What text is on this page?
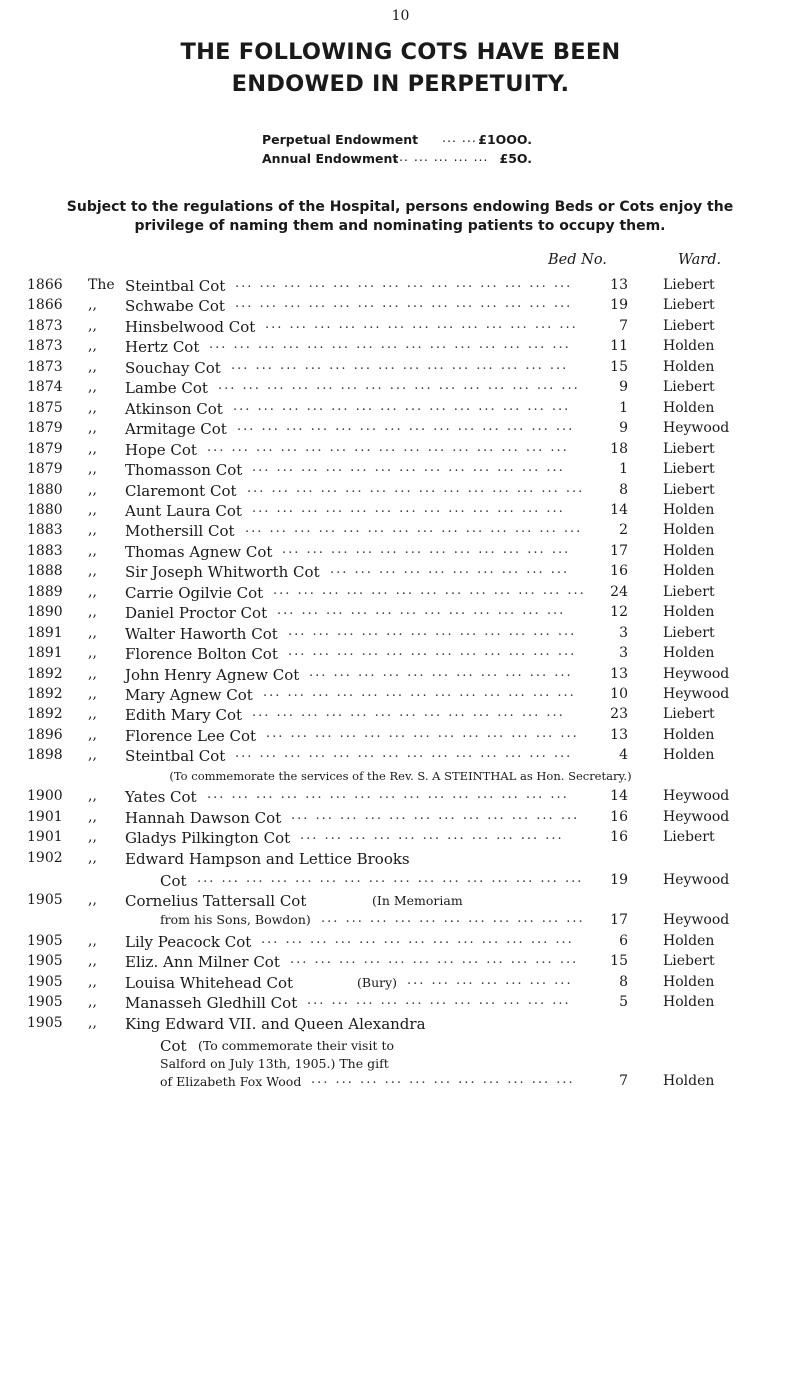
10
THE FOLLOWING COTS HAVE BEEN
ENDOWED IN PERPETUITY.
Perpetual Endowment ... ... £1OOO.
Annual Endowment
... ... ... ... ... £5O.
Subject to the regulations of the Hospital, persons endowing Beds or Cots enjoy the privilege of naming them and nominating patients to occupy them.
Bed No.	Ward.
1866 The Steintbal Cot	13	Liebert
... ... ... ... ... ... ... ... ... ... ... ... ... ...
1866 ,, Schwabe Cot	19	Liebert
... ... ... ... ... ... ... ... ... ... ... ... ... ...
1873 ,, Hinsbelwood Cot	7	Liebert
... ... ... ... ... ... ... ... ... ... ... ... ...
1873 ,, Hertz Cot	11	Holden
... ... ... ... ... ... ... ... ... ... ... ... ... ... ...
1873 ,, Souchay Cot	15	Holden
... ... ... ... ... ... ... ... ... ... ... ... ... ...
1874 ,, Lambe Cot	9	Liebert
... ... ... ... ... ... ... ... ... ... ... ... ... ... ...
1875 ,, Atkinson Cot	1	Holden
... ... ... ... ... ... ... ... ... ... ... ... ... ...
1879 ,, Armitage Cot	9	Heywood
... ... ... ... ... ... ... ... ... ... ... ... ... ...
1879 ,, Hope Cot	18	Liebert
... ... ... ... ... ... ... ... ... ... ... ... ... ... ...
1879 ,, Thomasson Cot	1	Liebert
... ... ... ... ... ... ... ... ... ... ... ... ...
1880 ,, Claremont Cot	8	Liebert
... ... ... ... ... ... ... ... ... ... ... ... ... ...
1880 ,, Aunt Laura Cot	14	Holden
... ... ... ... ... ... ... ... ... ... ... ... ...
1883 ,, Mothersill Cot	2	Holden
... ... ... ... ... ... ... ... ... ... ... ... ... ...
1883 ,, Thomas Agnew Cot	17	Holden
... ... ... ... ... ... ... ... ... ... ... ...
1888 ,, Sir Joseph Whitworth Cot	16	Holden
... ... ... ... ... ... ... ... ... ...
1889 ,, Carrie Ogilvie Cot	24	Liebert
... ... ... ... ... ... ... ... ... ... ... ... ...
1890 ,, Daniel Proctor Cot	12	Holden
... ... ... ... ... ... ... ... ... ... ... ...
1891 ,, Walter Haworth Cot	3	Liebert
... ... ... ... ... ... ... ... ... ... ... ...
1891 ,, Florence Bolton Cot	3	Holden
... ... ... ... ... ... ... ... ... ... ... ...
1892 ,, John Henry Agnew Cot	13	Heywood
... ... ... ... ... ... ... ... ... ... ...
1892 ,, Mary Agnew Cot	10	Heywood
... ... ... ... ... ... ... ... ... ... ... ... ...
1892 ,, Edith Mary Cot	23	Liebert
... ... ... ... ... ... ... ... ... ... ... ... ...
1896 ,, Florence Lee Cot	13	Holden
... ... ... ... ... ... ... ... ... ... ... ... ...
1898 ,, Steintbal Cot	4	Holden
... ... ... ... ... ... ... ... ... ... ... ... ... ...
(To commemorate the services of the Rev. S. A STEINTHAL as Hon. Secretary.)
1900 ,, Yates Cot	14	Heywood
... ... ... ... ... ... ... ... ... ... ... ... ... ... ...
1901 ,, Hannah Dawson Cot	16	Heywood
... ... ... ... ... ... ... ... ... ... ... ...
1901 ,, Gladys Pilkington Cot	16	Liebert
... ... ... ... ... ... ... ... ... ... ...
1902 ,, Edward Hampson and Lettice Brooks
Cot	19	Heywood
... ... ... ... ... ... ... ... ... ... ... ... ... ... ... ...
1905 ,, Cornelius Tattersall Cot	(In Memoriam
from his Sons, Bowdon)	17	Heywood
... ... ... ... ... ... ... ... ... ... ...
1905 ,, Lily Peacock Cot	6	Holden
... ... ... ... ... ... ... ... ... ... ... ... ...
1905 ,, Eliz. Ann Milner Cot	15	Liebert
... ... ... ... ... ... ... ... ... ... ... ...
1905 ,, Louisa Whitehead Cot	(Bury)	8	Holden
... ... ... ... ... ... ...
1905 ,, Manasseh Gledhill Cot	5	Holden
... ... ... ... ... ... ... ... ... ... ...
1905 ,, King Edward VII. and Queen Alexandra
Cot (To commemorate their visit to
Salford on July 13th, 1905.) The gift
of Elizabeth Fox Wood	7	Holden
... ... ... ... ... ... ... ... ... ... ...
